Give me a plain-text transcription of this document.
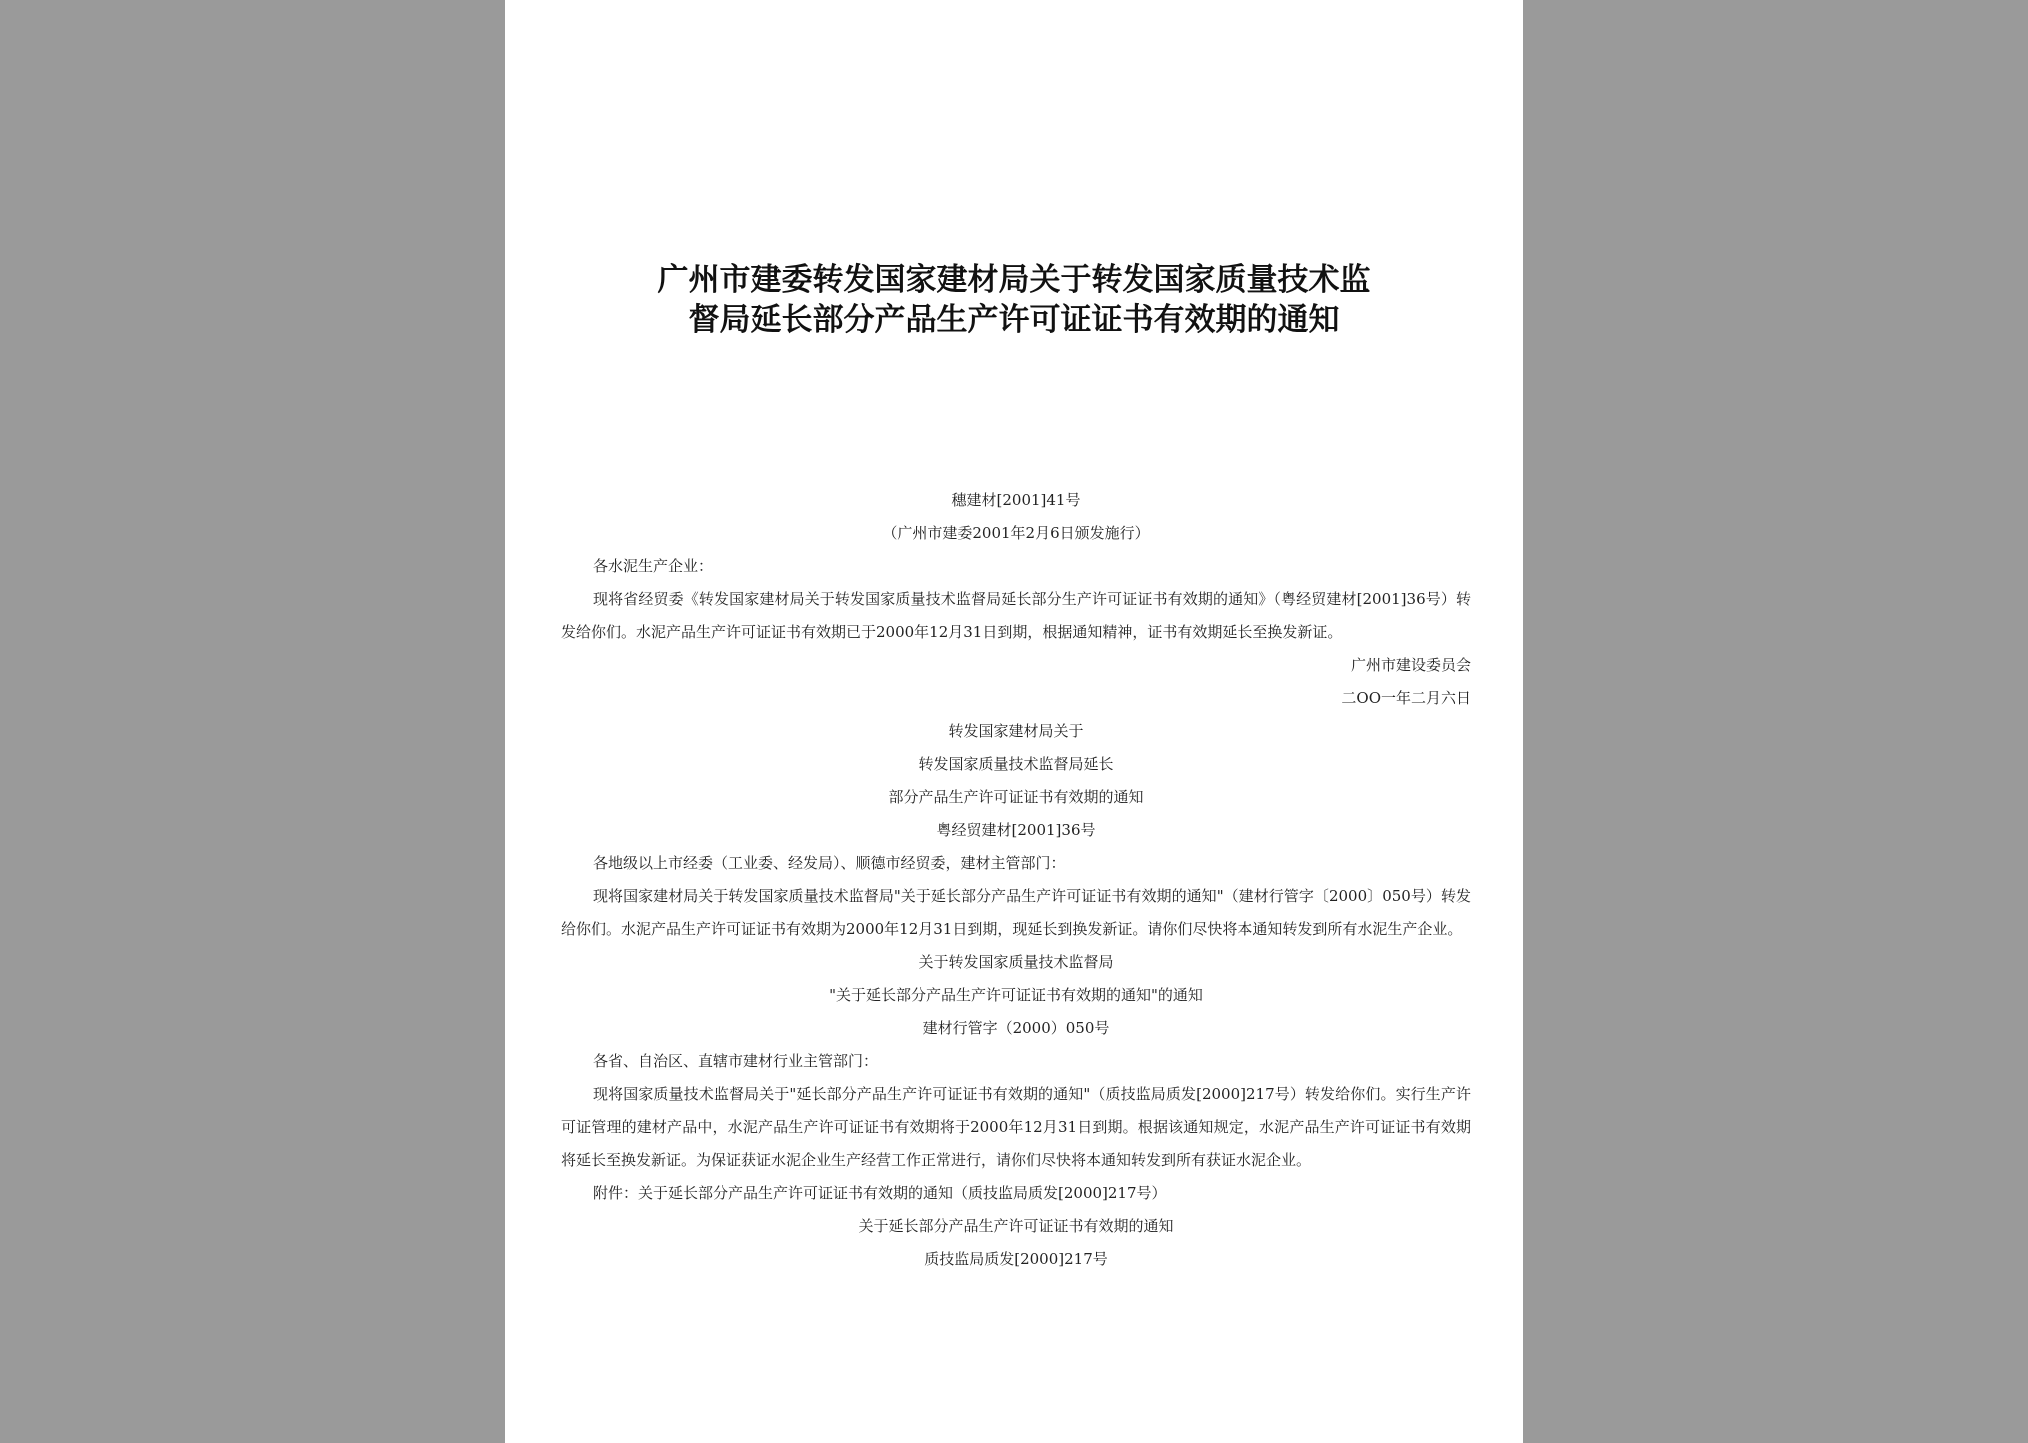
广州市建委转发国家建材局关于转发国家质量技术监
督局延长部分产品生产许可证证书有效期的通知
穗建材[2001]41号
（广州市建委2001年2月6日颁发施行）
各水泥生产企业：
现将省经贸委《转发国家建材局关于转发国家质量技术监督局延长部分生产许可证证书有效期的通知》（粤经贸建材[2001]36号）转发给你们。水泥产品生产许可证证书有效期已于2000年12月31日到期，根据通知精神，证书有效期延长至换发新证。
广州市建设委员会
二OO一年二月六日
转发国家建材局关于
转发国家质量技术监督局延长
部分产品生产许可证证书有效期的通知
粤经贸建材[2001]36号
各地级以上市经委（工业委、经发局）、顺德市经贸委，建材主管部门：
现将国家建材局关于转发国家质量技术监督局"关于延长部分产品生产许可证证书有效期的通知"（建材行管字〔2000〕050号）转发给你们。水泥产品生产许可证证书有效期为2000年12月31日到期，现延长到换发新证。请你们尽快将本通知转发到所有水泥生产企业。
关于转发国家质量技术监督局
"关于延长部分产品生产许可证证书有效期的通知"的通知
建材行管字（2000）050号
各省、自治区、直辖市建材行业主管部门：
现将国家质量技术监督局关于"延长部分产品生产许可证证书有效期的通知"（质技监局质发[2000]217号）转发给你们。实行生产许可证管理的建材产品中，水泥产品生产许可证证书有效期将于2000年12月31日到期。根据该通知规定，水泥产品生产许可证证书有效期将延长至换发新证。为保证获证水泥企业生产经营工作正常进行，请你们尽快将本通知转发到所有获证水泥企业。
附件：关于延长部分产品生产许可证证书有效期的通知（质技监局质发[2000]217号）
关于延长部分产品生产许可证证书有效期的通知
质技监局质发[2000]217号
